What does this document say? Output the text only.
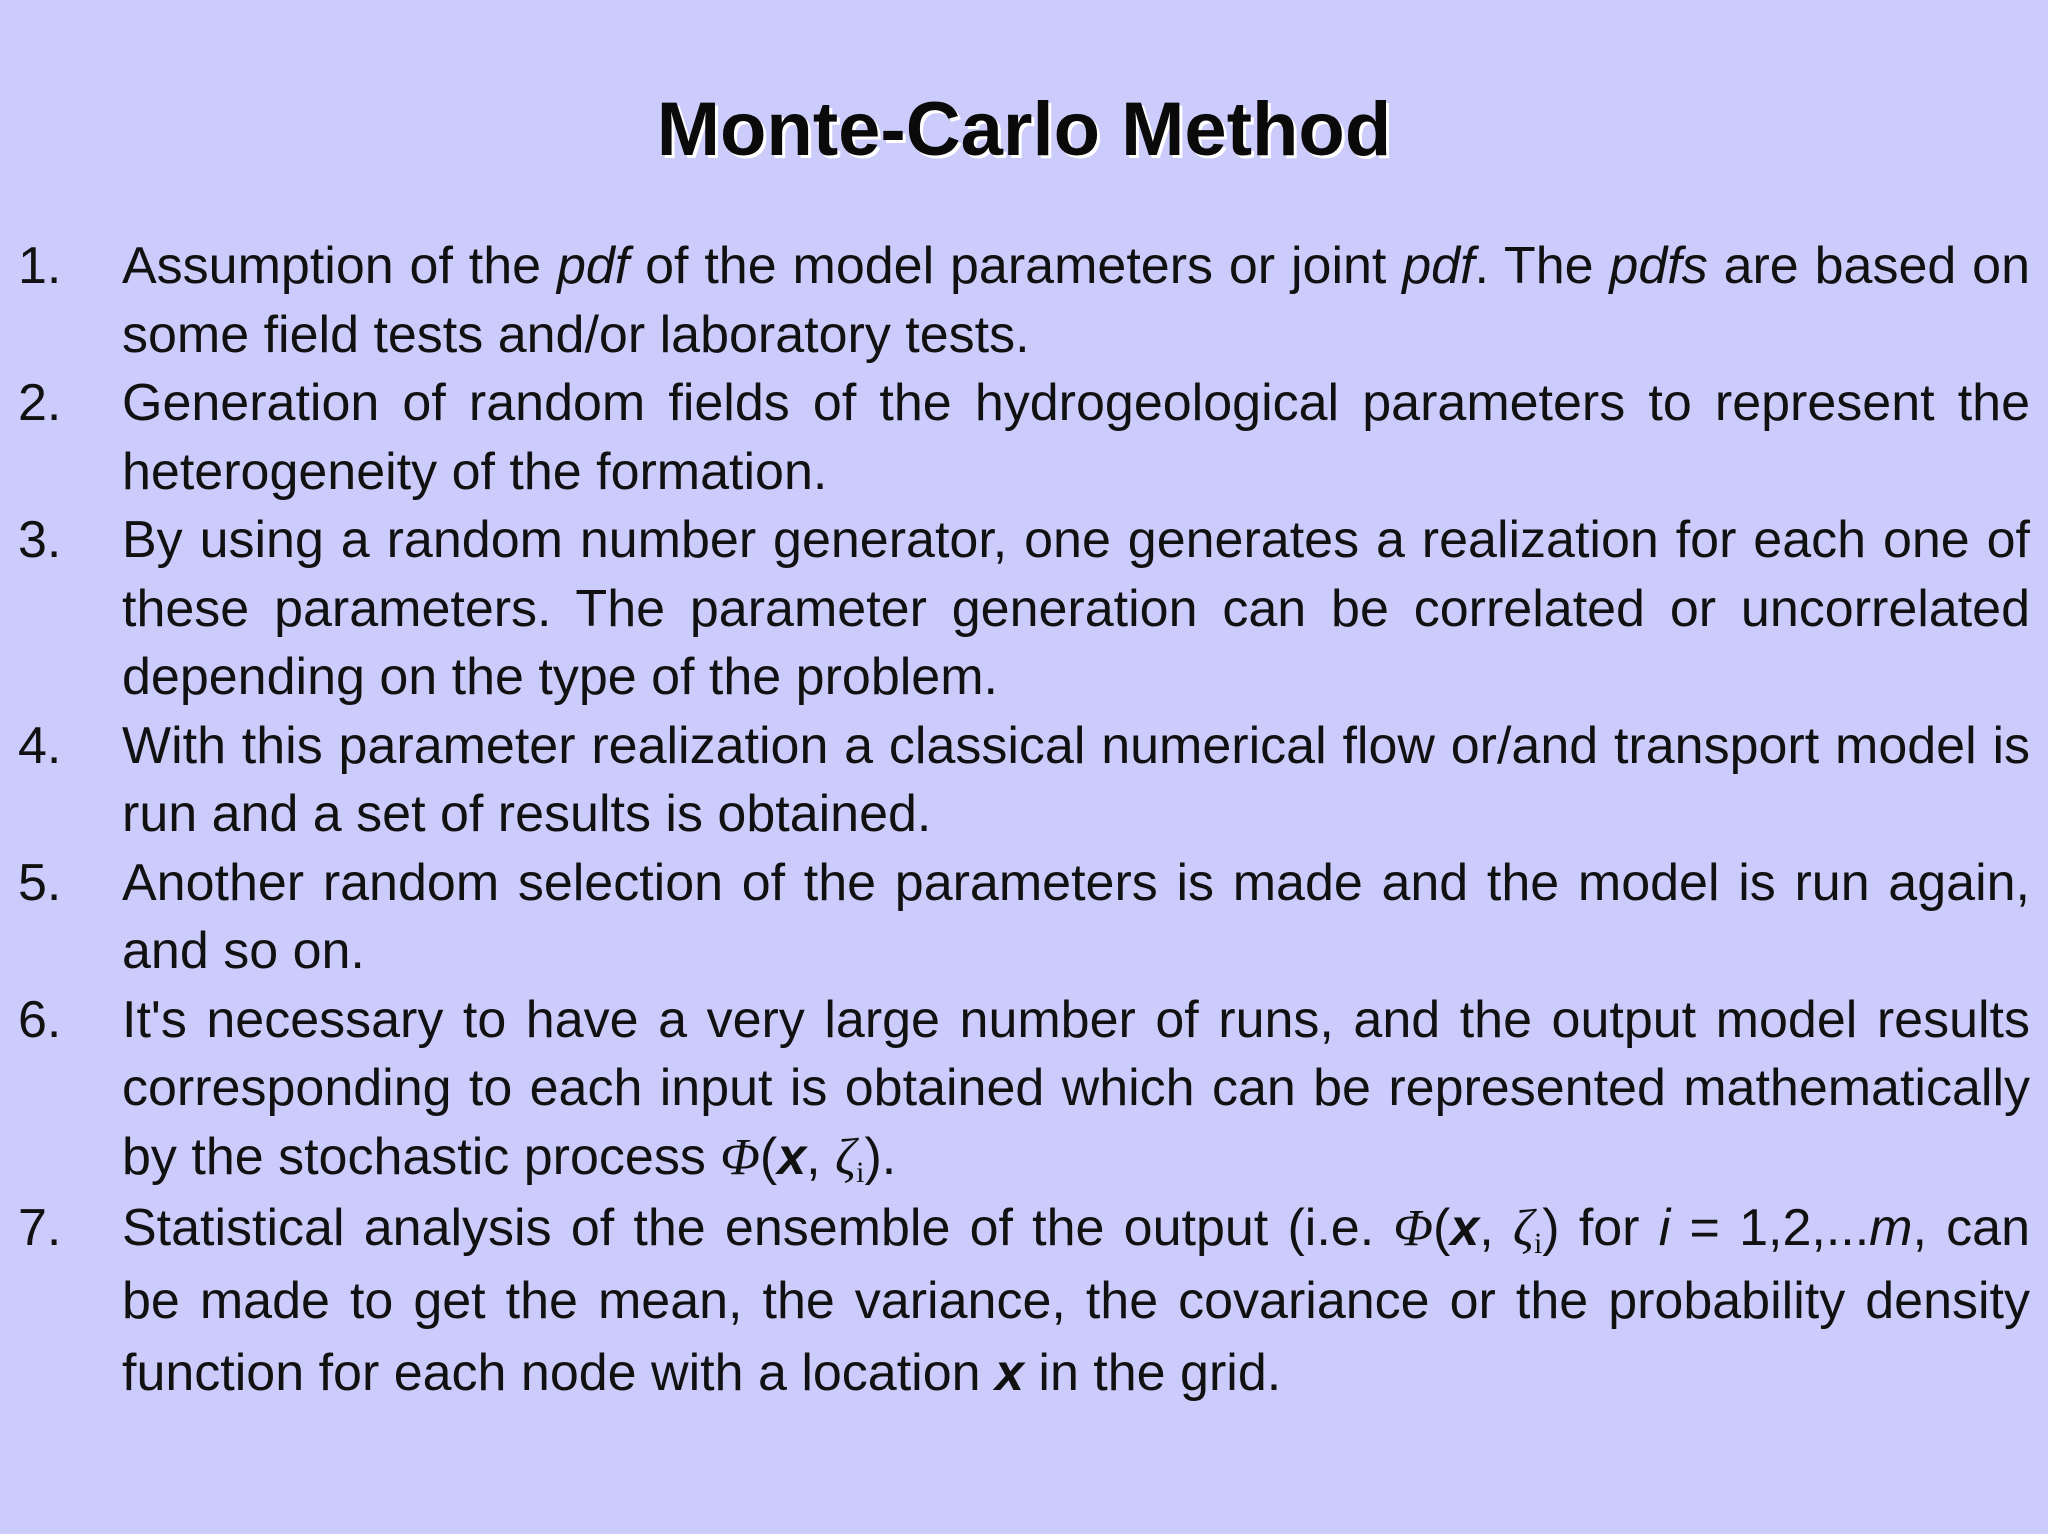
Monte-Carlo Method
1. Assumption of the pdf of the model parameters or joint pdf. The pdfs are based on some field tests and/or laboratory tests.
2. Generation of random fields of the hydrogeological parameters to represent the heterogeneity of the formation.
3. By using a random number generator, one generates a realization for each one of these parameters. The parameter generation can be correlated or uncorrelated depending on the type of the problem.
4. With this parameter realization a classical numerical flow or/and transport model is run and a set of results is obtained.
5. Another random selection of the parameters is made and the model is run again, and so on.
6. It's necessary to have a very large number of runs, and the output model results corresponding to each input is obtained which can be represented mathematically by the stochastic process Φ(x, $\zeta_i$).
7. Statistical analysis of the ensemble of the output (i.e. Φ(x, $\zeta_i$) for i = 1,2,...m, can be made to get the mean, the variance, the covariance or the probability density function for each node with a location x in the grid.
